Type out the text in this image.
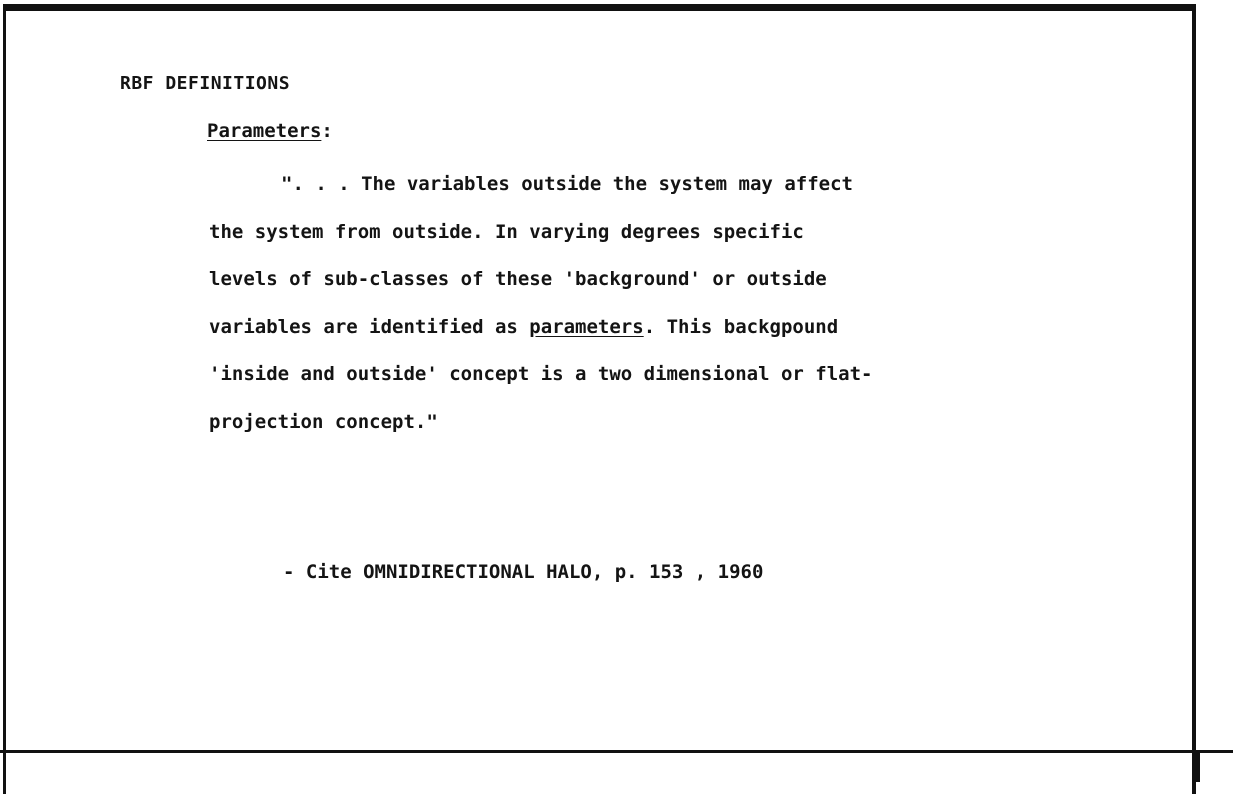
RBF DEFINITIONS
Parameters:
". . . The variables outside the system may affect
the system from outside. In varying degrees specific
levels of sub-classes of these 'background' or outside
variables are identified as parameters. This backgpound
'inside and outside' concept is a two dimensional or flat-
projection concept."
- Cite OMNIDIRECTIONAL HALO, p. 153 , 1960
